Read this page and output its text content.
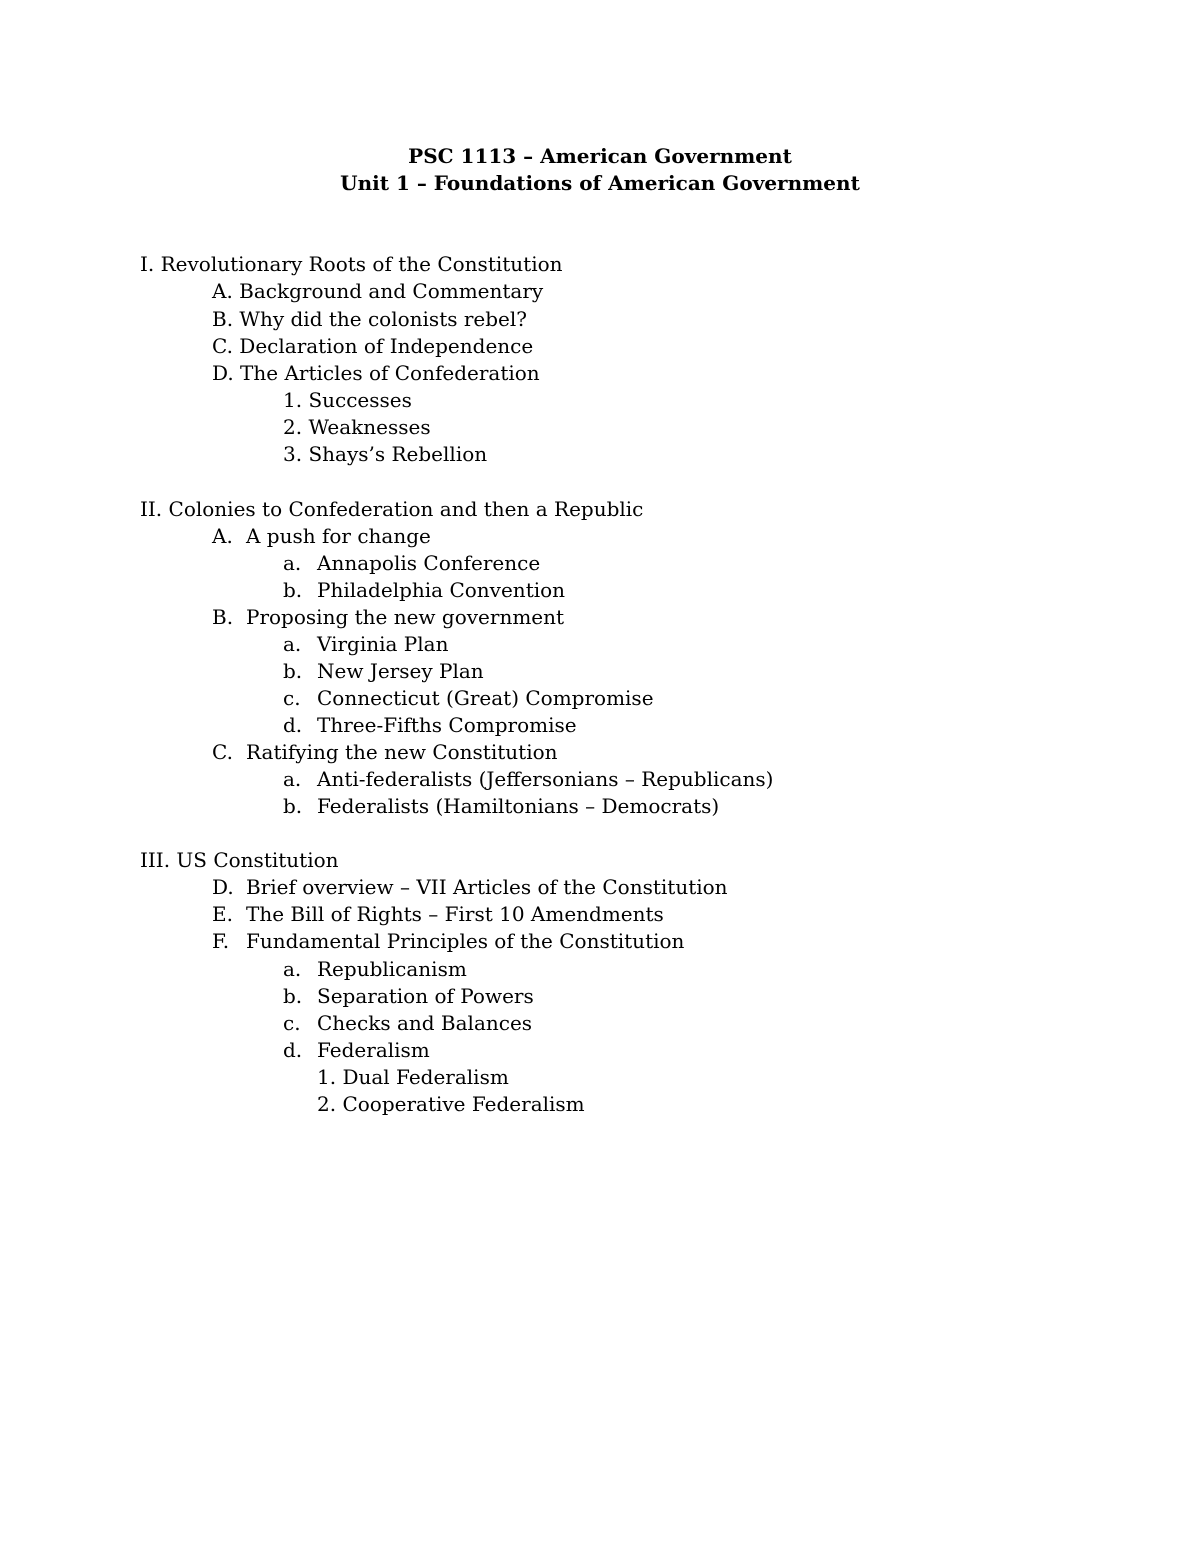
PSC 1113 – American Government
Unit 1 – Foundations of American Government
I. Revolutionary Roots of the Constitution
A. Background and Commentary
B. Why did the colonists rebel?
C. Declaration of Independence
D. The Articles of Confederation
1. Successes
2. Weaknesses
3. Shays’s Rebellion
II. Colonies to Confederation and then a Republic
A. A push for change
a. Annapolis Conference
b. Philadelphia Convention
B. Proposing the new government
a. Virginia Plan
b. New Jersey Plan
c. Connecticut (Great) Compromise
d. Three-Fifths Compromise
C. Ratifying the new Constitution
a. Anti-federalists (Jeffersonians – Republicans)
b. Federalists (Hamiltonians – Democrats)
III. US Constitution
D. Brief overview – VII Articles of the Constitution
E. The Bill of Rights – First 10 Amendments
F. Fundamental Principles of the Constitution
a. Republicanism
b. Separation of Powers
c. Checks and Balances
d. Federalism
1. Dual Federalism
2. Cooperative Federalism
